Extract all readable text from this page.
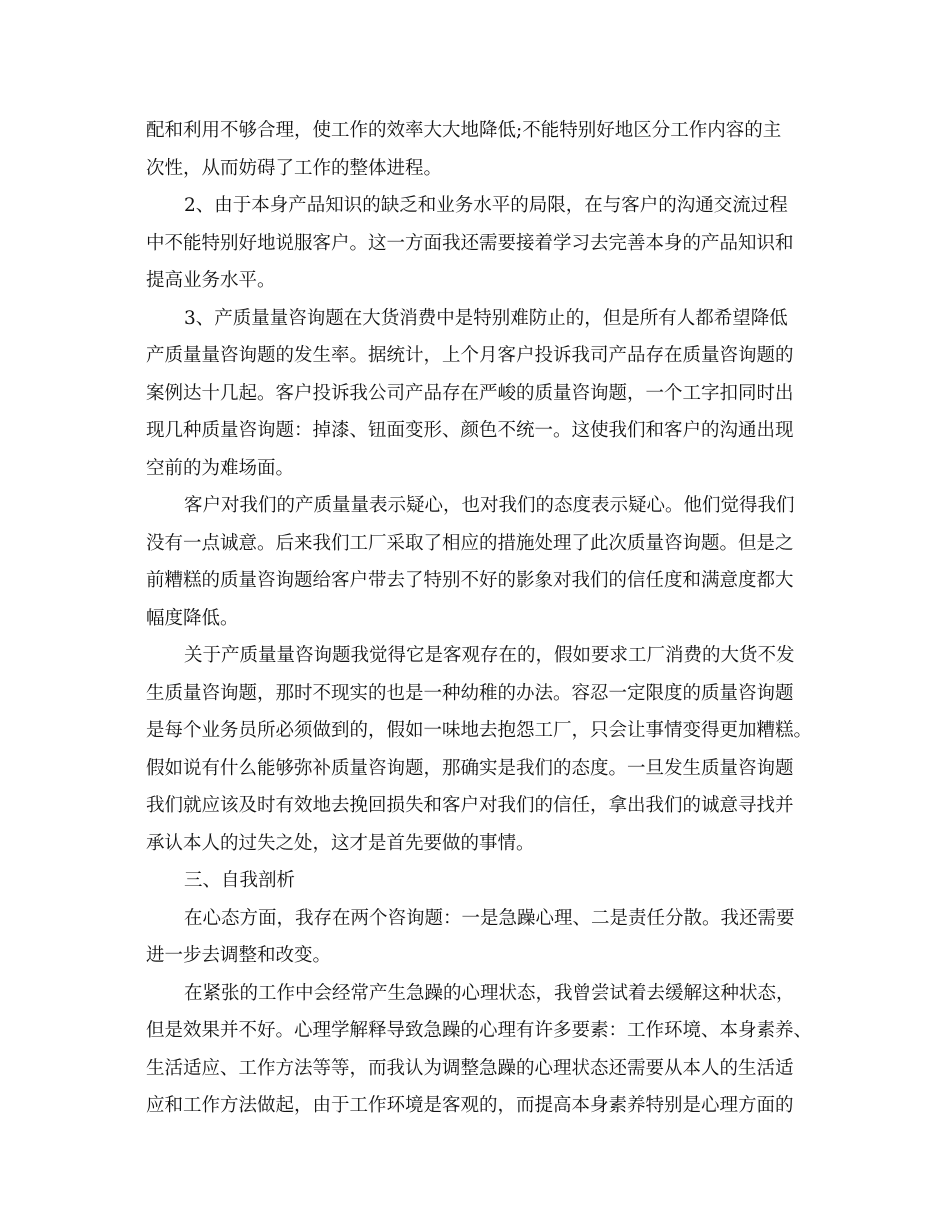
配和利用不够合理，使工作的效率大大地降低;不能特别好地区分工作内容的主
次性，从而妨碍了工作的整体进程。
2、由于本身产品知识的缺乏和业务水平的局限，在与客户的沟通交流过程
中不能特别好地说服客户。这一方面我还需要接着学习去完善本身的产品知识和
提高业务水平。
3、产质量量咨询题在大货消费中是特别难防止的，但是所有人都希望降低
产质量量咨询题的发生率。据统计，上个月客户投诉我司产品存在质量咨询题的
案例达十几起。客户投诉我公司产品存在严峻的质量咨询题，一个工字扣同时出
现几种质量咨询题：掉漆、钮面变形、颜色不统一。这使我们和客户的沟通出现
空前的为难场面。
客户对我们的产质量量表示疑心，也对我们的态度表示疑心。他们觉得我们
没有一点诚意。后来我们工厂采取了相应的措施处理了此次质量咨询题。但是之
前糟糕的质量咨询题给客户带去了特别不好的影象对我们的信任度和满意度都大
幅度降低。
关于产质量量咨询题我觉得它是客观存在的，假如要求工厂消费的大货不发
生质量咨询题，那时不现实的也是一种幼稚的办法。容忍一定限度的质量咨询题
是每个业务员所必须做到的，假如一味地去抱怨工厂，只会让事情变得更加糟糕。
假如说有什么能够弥补质量咨询题，那确实是我们的态度。一旦发生质量咨询题
我们就应该及时有效地去挽回损失和客户对我们的信任，拿出我们的诚意寻找并
承认本人的过失之处，这才是首先要做的事情。
三、自我剖析
在心态方面，我存在两个咨询题：一是急躁心理、二是责任分散。我还需要
进一步去调整和改变。
在紧张的工作中会经常产生急躁的心理状态，我曾尝试着去缓解这种状态，
但是效果并不好。心理学解释导致急躁的心理有许多要素：工作环境、本身素养、
生活适应、工作方法等等，而我认为调整急躁的心理状态还需要从本人的生活适
应和工作方法做起，由于工作环境是客观的，而提高本身素养特别是心理方面的
